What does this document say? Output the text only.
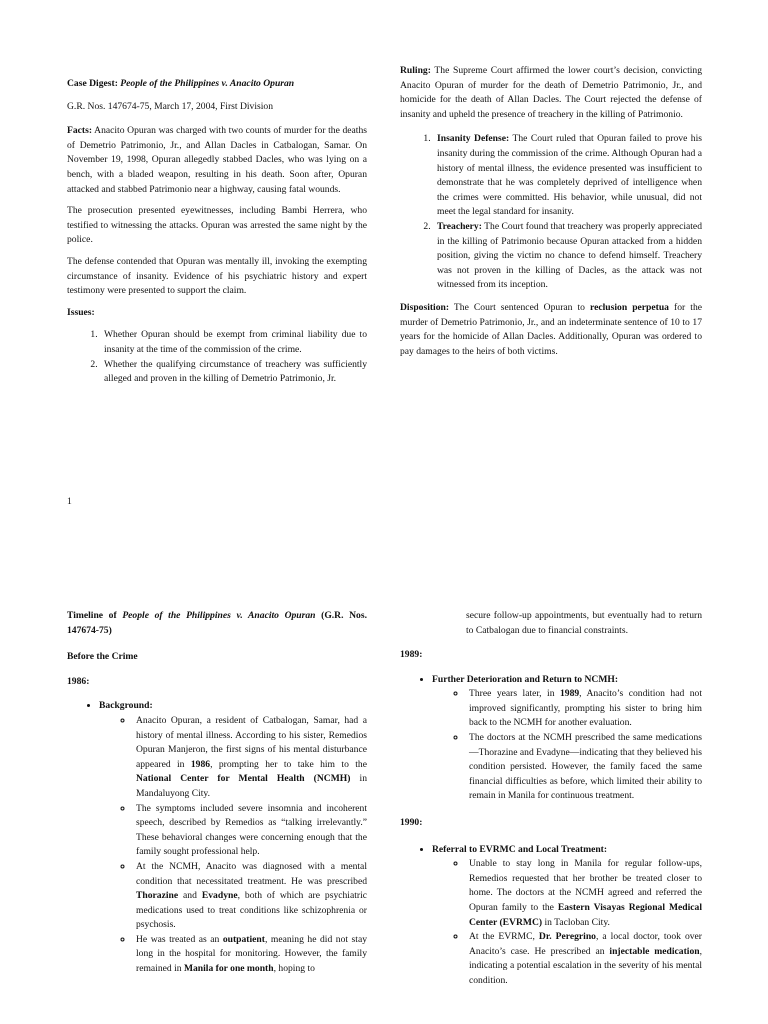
Case Digest: People of the Philippines v. Anacito Opuran

G.R. Nos. 147674-75, March 17, 2004, First Division

Facts: Anacito Opuran was charged with two counts of murder for the deaths of Demetrio Patrimonio, Jr., and Allan Dacles in Catbalogan, Samar. On November 19, 1998, Opuran allegedly stabbed Dacles, who was lying on a bench, with a bladed weapon, resulting in his death. Soon after, Opuran attacked and stabbed Patrimonio near a highway, causing fatal wounds.

The prosecution presented eyewitnesses, including Bambi Herrera, who testified to witnessing the attacks. Opuran was arrested the same night by the police.

The defense contended that Opuran was mentally ill, invoking the exempting circumstance of insanity. Evidence of his psychiatric history and expert testimony were presented to support the claim.

Issues:

1. Whether Opuran should be exempt from criminal liability due to insanity at the time of the commission of the crime.
2. Whether the qualifying circumstance of treachery was sufficiently alleged and proven in the killing of Demetrio Patrimonio, Jr.

Ruling: The Supreme Court affirmed the lower court’s decision, convicting Anacito Opuran of murder for the death of Demetrio Patrimonio, Jr., and homicide for the death of Allan Dacles. The Court rejected the defense of insanity and upheld the presence of treachery in the killing of Patrimonio.

1. Insanity Defense: The Court ruled that Opuran failed to prove his insanity during the commission of the crime. Although Opuran had a history of mental illness, the evidence presented was insufficient to demonstrate that he was completely deprived of intelligence when the crimes were committed. His behavior, while unusual, did not meet the legal standard for insanity.
2. Treachery: The Court found that treachery was properly appreciated in the killing of Patrimonio because Opuran attacked from a hidden position, giving the victim no chance to defend himself. Treachery was not proven in the killing of Dacles, as the attack was not witnessed from its inception.

Disposition: The Court sentenced Opuran to reclusion perpetua for the murder of Demetrio Patrimonio, Jr., and an indeterminate sentence of 10 to 17 years for the homicide of Allan Dacles. Additionally, Opuran was ordered to pay damages to the heirs of both victims.

1

Timeline of People of the Philippines v. Anacito Opuran (G.R. Nos. 147674-75)

Before the Crime

1986:

• Background:
◦ Anacito Opuran, a resident of Catbalogan, Samar, had a history of mental illness. According to his sister, Remedios Opuran Manjeron, the first signs of his mental disturbance appeared in 1986, prompting her to take him to the National Center for Mental Health (NCMH) in Mandaluyong City.
◦ The symptoms included severe insomnia and incoherent speech, described by Remedios as “talking irrelevantly.” These behavioral changes were concerning enough that the family sought professional help.
◦ At the NCMH, Anacito was diagnosed with a mental condition that necessitated treatment. He was prescribed Thorazine and Evadyne, both of which are psychiatric medications used to treat conditions like schizophrenia or psychosis.
◦ He was treated as an outpatient, meaning he did not stay long in the hospital for monitoring. However, the family remained in Manila for one month, hoping to
secure follow-up appointments, but eventually had to return to Catbalogan due to financial constraints.

1989:

• Further Deterioration and Return to NCMH:
◦ Three years later, in 1989, Anacito’s condition had not improved significantly, prompting his sister to bring him back to the NCMH for another evaluation.
◦ The doctors at the NCMH prescribed the same medications—Thorazine and Evadyne—indicating that they believed his condition persisted. However, the family faced the same financial difficulties as before, which limited their ability to remain in Manila for continuous treatment.

1990:

• Referral to EVRMC and Local Treatment:
◦ Unable to stay long in Manila for regular follow-ups, Remedios requested that her brother be treated closer to home. The doctors at the NCMH agreed and referred the Opuran family to the Eastern Visayas Regional Medical Center (EVRMC) in Tacloban City.
◦ At the EVRMC, Dr. Peregrino, a local doctor, took over Anacito’s case. He prescribed an injectable medication, indicating a potential escalation in the severity of his mental condition.
